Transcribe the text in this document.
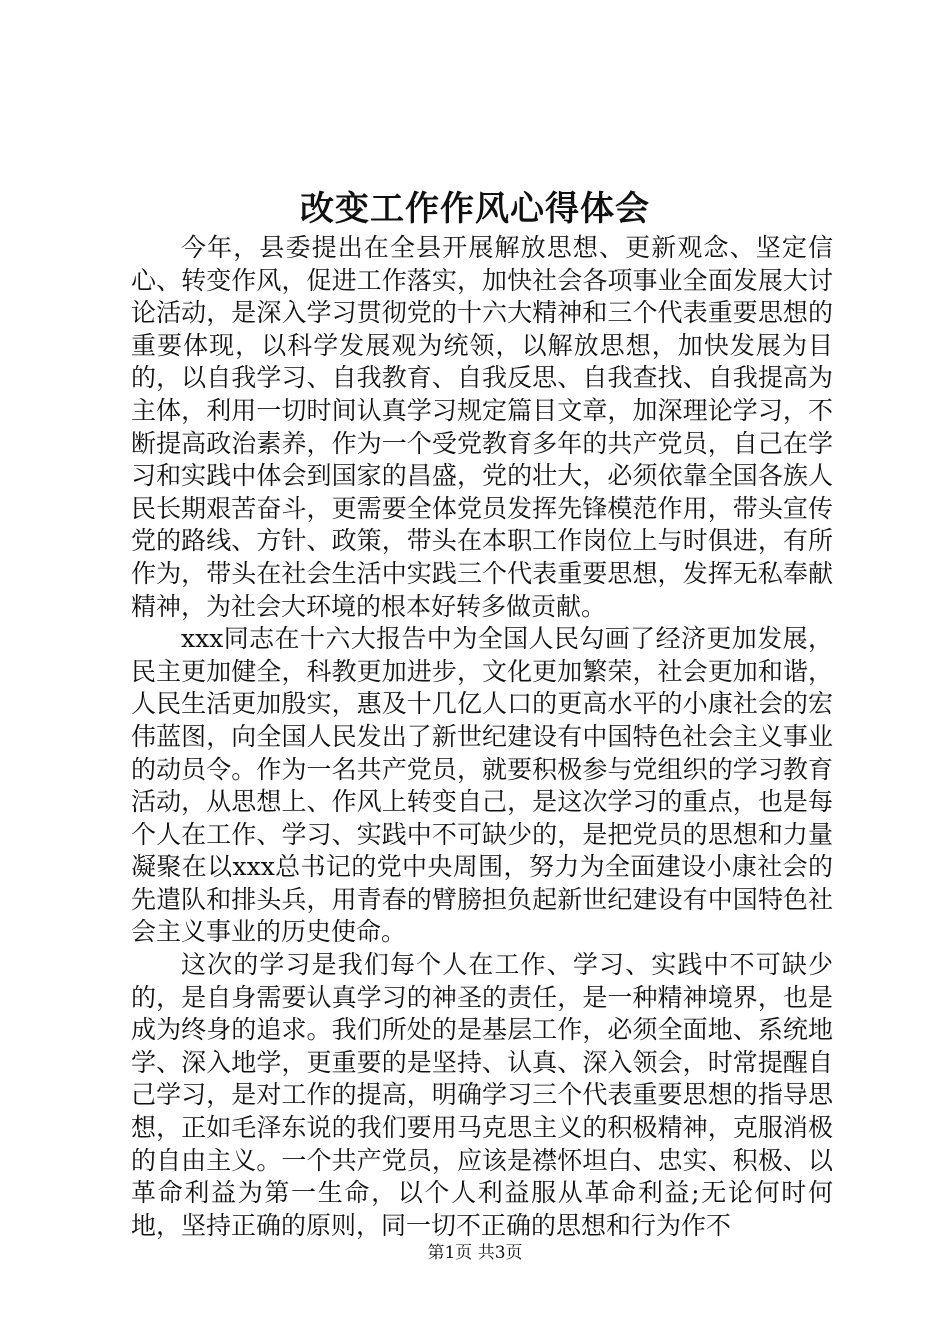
改变工作作风心得体会

今年，县委提出在全县开展解放思想、更新观念、坚定信心、转变作风，促进工作落实，加快社会各项事业全面发展大讨论活动，是深入学习贯彻党的十六大精神和三个代表重要思想的重要体现，以科学发展观为统领，以解放思想，加快发展为目的，以自我学习、自我教育、自我反思、自我查找、自我提高为主体，利用一切时间认真学习规定篇目文章，加深理论学习，不断提高政治素养，作为一个受党教育多年的共产党员，自己在学习和实践中体会到国家的昌盛，党的壮大，必须依靠全国各族人民长期艰苦奋斗，更需要全体党员发挥先锋模范作用，带头宣传党的路线、方针、政策，带头在本职工作岗位上与时俱进，有所作为，带头在社会生活中实践三个代表重要思想，发挥无私奉献精神，为社会大环境的根本好转多做贡献。

xxx同志在十六大报告中为全国人民勾画了经济更加发展，民主更加健全，科教更加进步，文化更加繁荣，社会更加和谐，人民生活更加殷实，惠及十几亿人口的更高水平的小康社会的宏伟蓝图，向全国人民发出了新世纪建设有中国特色社会主义事业的动员令。作为一名共产党员，就要积极参与党组织的学习教育活动，从思想上、作风上转变自己，是这次学习的重点，也是每个人在工作、学习、实践中不可缺少的，是把党员的思想和力量凝聚在以xxx总书记的党中央周围，努力为全面建设小康社会的先遣队和排头兵，用青春的臂膀担负起新世纪建设有中国特色社会主义事业的历史使命。

这次的学习是我们每个人在工作、学习、实践中不可缺少的，是自身需要认真学习的神圣的责任，是一种精神境界，也是成为终身的追求。我们所处的是基层工作，必须全面地、系统地学、深入地学，更重要的是坚持、认真、深入领会，时常提醒自己学习，是对工作的提高，明确学习三个代表重要思想的指导思想，正如毛泽东说的我们要用马克思主义的积极精神，克服消极的自由主义。一个共产党员，应该是襟怀坦白、忠实、积极、以革命利益为第一生命，以个人利益服从革命利益;无论何时何地，坚持正确的原则，同一切不正确的思想和行为作不

第1页 共3页
